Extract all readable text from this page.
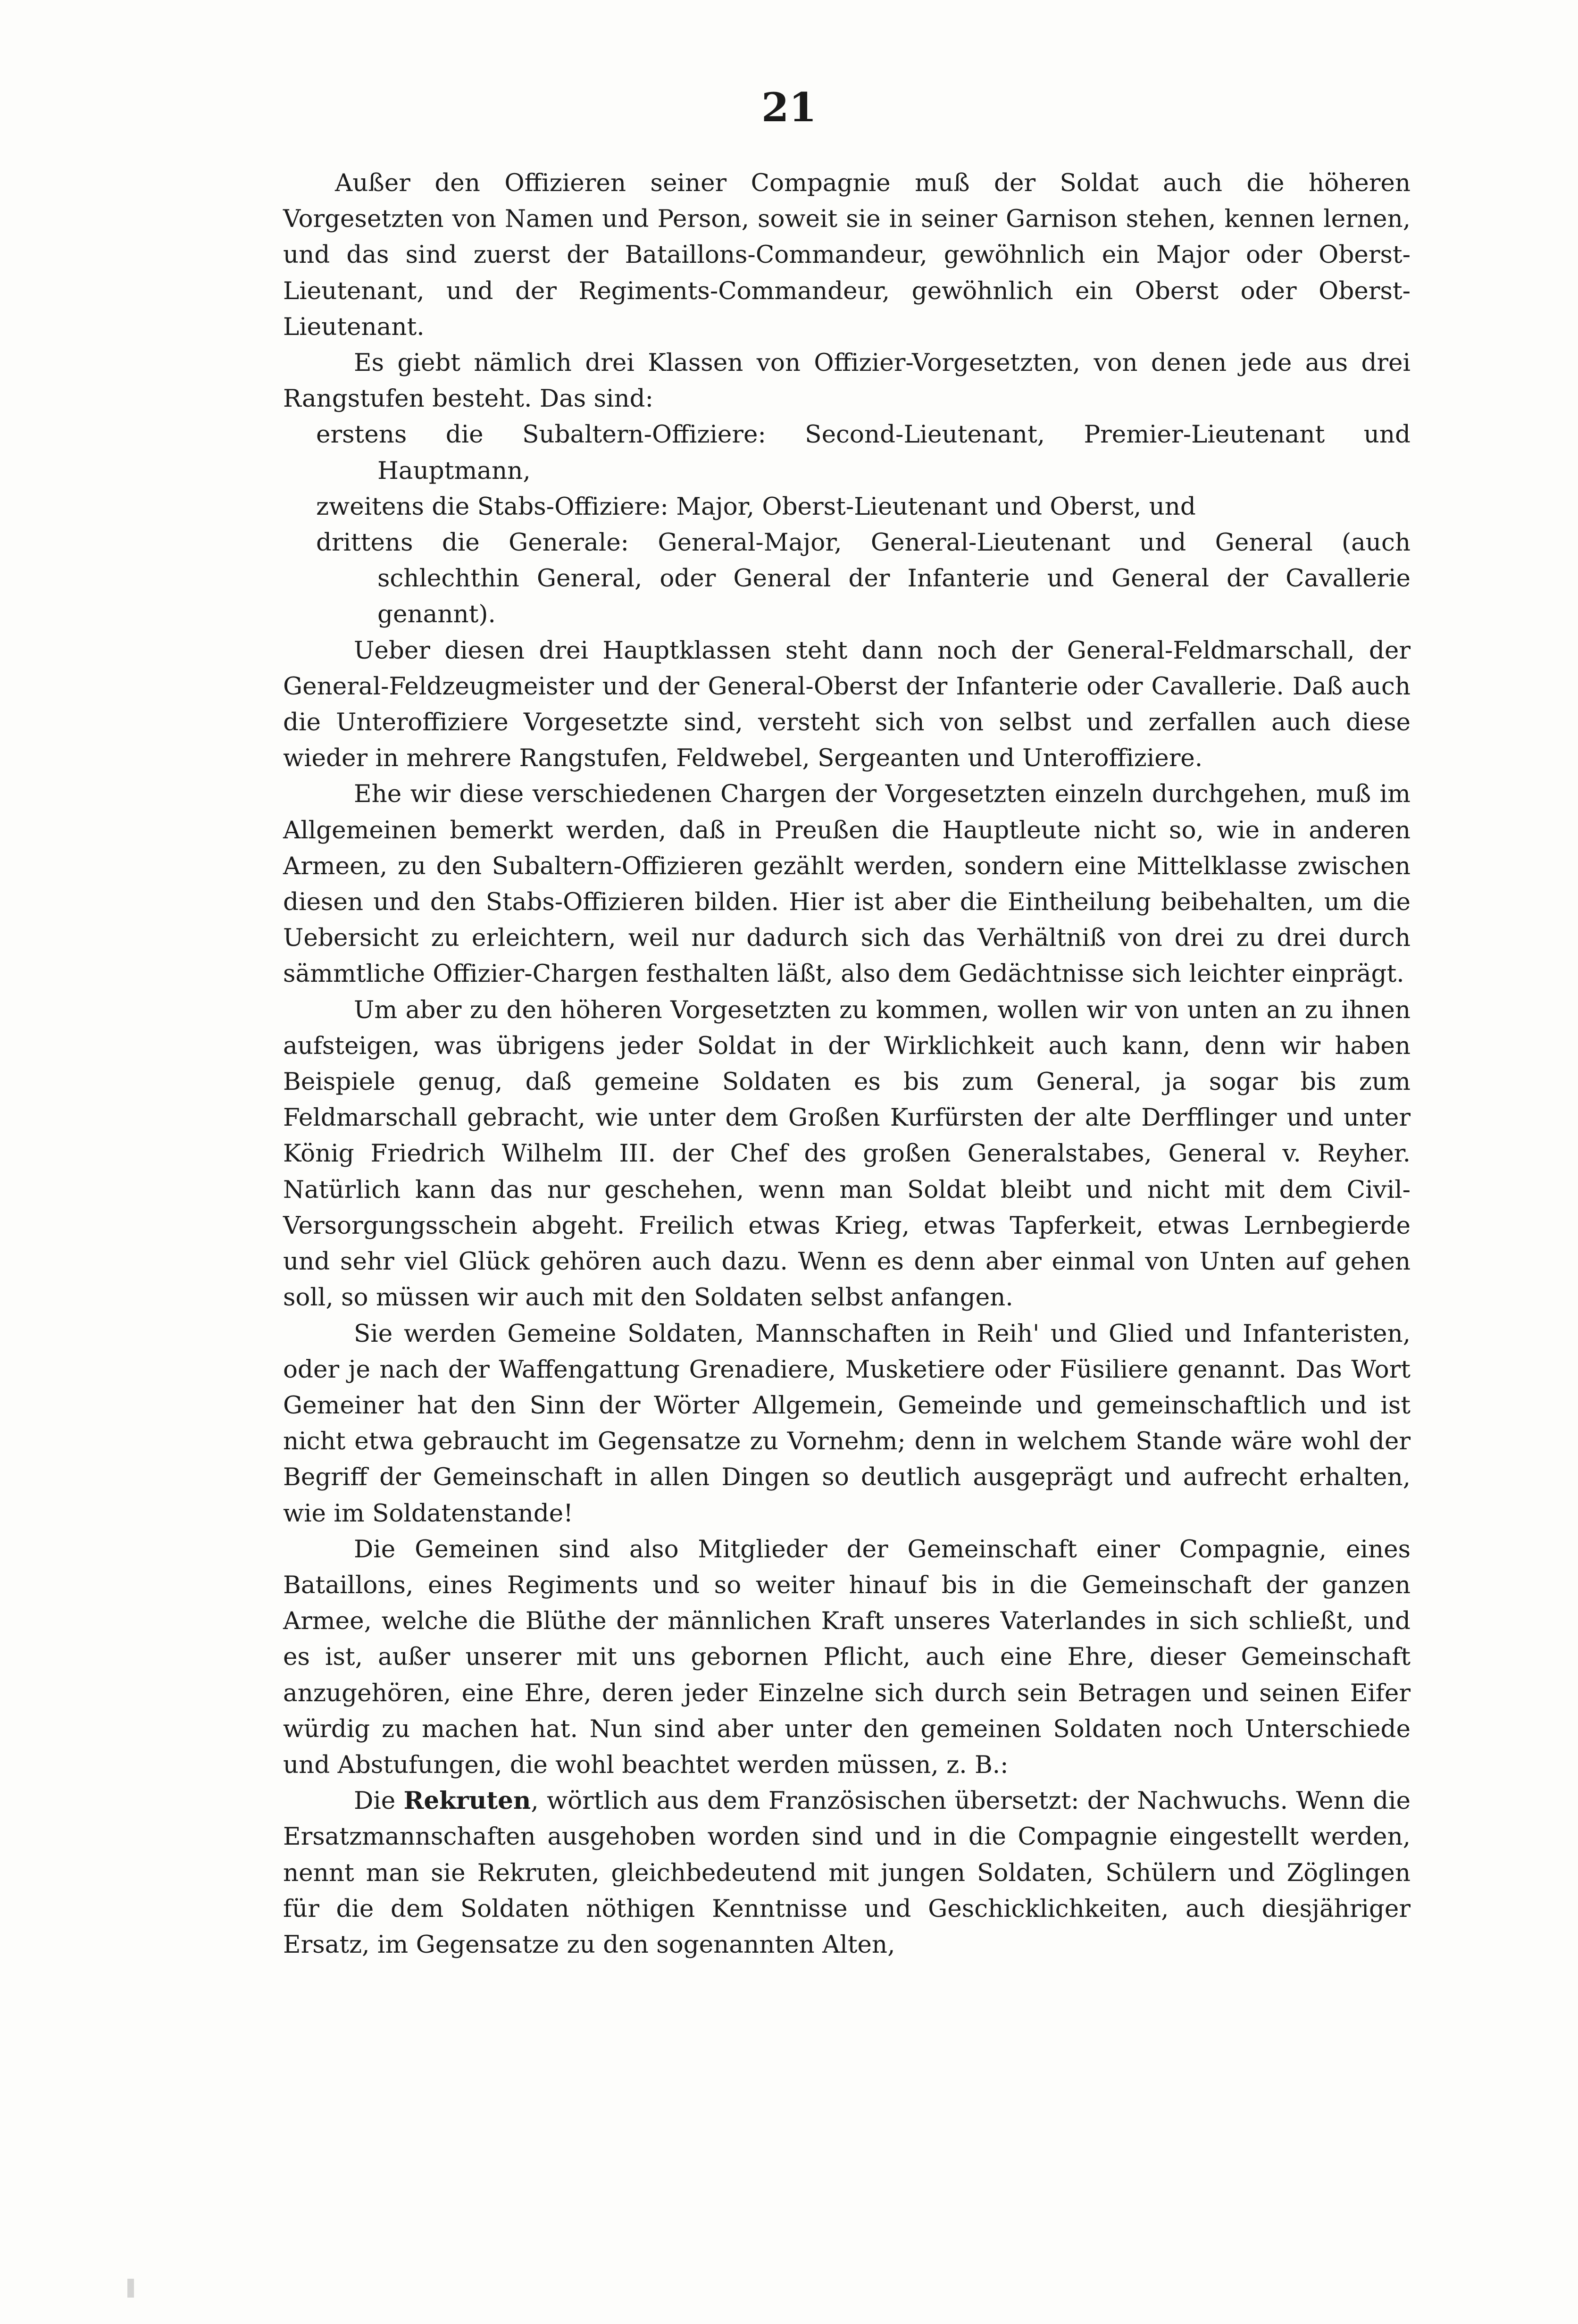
21

Außer den Offizieren seiner Compagnie muß der Soldat auch die höheren Vorgesetzten von Namen und Person, soweit sie in seiner Garnison stehen, kennen lernen, und das sind zuerst der Bataillons-Commandeur, gewöhnlich ein Major oder Oberst-Lieutenant, und der Regiments-Commandeur, gewöhnlich ein Oberst oder Oberst-Lieutenant.

Es giebt nämlich drei Klassen von Offizier-Vorgesetzten, von denen jede aus drei Rangstufen besteht. Das sind:

erstens die Subaltern-Offiziere: Second-Lieutenant, Premier-Lieutenant und Hauptmann,

zweitens die Stabs-Offiziere: Major, Oberst-Lieutenant und Oberst, und

drittens die Generale: General-Major, General-Lieutenant und General (auch schlechthin General, oder General der Infanterie und General der Cavallerie genannt).

Ueber diesen drei Hauptklassen steht dann noch der General-Feldmarschall, der General-Feldzeugmeister und der General-Oberst der Infanterie oder Cavallerie. Daß auch die Unteroffiziere Vorgesetzte sind, versteht sich von selbst und zerfallen auch diese wieder in mehrere Rangstufen, Feldwebel, Sergeanten und Unteroffiziere.

Ehe wir diese verschiedenen Chargen der Vorgesetzten einzeln durchgehen, muß im Allgemeinen bemerkt werden, daß in Preußen die Hauptleute nicht so, wie in anderen Armeen, zu den Subaltern-Offizieren gezählt werden, sondern eine Mittelklasse zwischen diesen und den Stabs-Offizieren bilden. Hier ist aber die Eintheilung beibehalten, um die Uebersicht zu erleichtern, weil nur dadurch sich das Verhältniß von drei zu drei durch sämmtliche Offizier-Chargen festhalten läßt, also dem Gedächtnisse sich leichter einprägt.

Um aber zu den höheren Vorgesetzten zu kommen, wollen wir von unten an zu ihnen aufsteigen, was übrigens jeder Soldat in der Wirklichkeit auch kann, denn wir haben Beispiele genug, daß gemeine Soldaten es bis zum General, ja sogar bis zum Feldmarschall gebracht, wie unter dem Großen Kurfürsten der alte Derfflinger und unter König Friedrich Wilhelm III. der Chef des großen Generalstabes, General v. Reyher. Natürlich kann das nur geschehen, wenn man Soldat bleibt und nicht mit dem Civil-Versorgungsschein abgeht. Freilich etwas Krieg, etwas Tapferkeit, etwas Lernbegierde und sehr viel Glück gehören auch dazu. Wenn es denn aber einmal von Unten auf gehen soll, so müssen wir auch mit den Soldaten selbst anfangen.

Sie werden Gemeine Soldaten, Mannschaften in Reih' und Glied und Infanteristen, oder je nach der Waffengattung Grenadiere, Musketiere oder Füsiliere genannt. Das Wort Gemeiner hat den Sinn der Wörter Allgemein, Gemeinde und gemeinschaftlich und ist nicht etwa gebraucht im Gegensatze zu Vornehm; denn in welchem Stande wäre wohl der Begriff der Gemeinschaft in allen Dingen so deutlich ausgeprägt und aufrecht erhalten, wie im Soldatenstande!

Die Gemeinen sind also Mitglieder der Gemeinschaft einer Compagnie, eines Bataillons, eines Regiments und so weiter hinauf bis in die Gemeinschaft der ganzen Armee, welche die Blüthe der männlichen Kraft unseres Vaterlandes in sich schließt, und es ist, außer unserer mit uns gebornen Pflicht, auch eine Ehre, dieser Gemeinschaft anzugehören, eine Ehre, deren jeder Einzelne sich durch sein Betragen und seinen Eifer würdig zu machen hat. Nun sind aber unter den gemeinen Soldaten noch Unterschiede und Abstufungen, die wohl beachtet werden müssen, z. B.:

Die Rekruten, wörtlich aus dem Französischen übersetzt: der Nachwuchs. Wenn die Ersatzmannschaften ausgehoben worden sind und in die Compagnie eingestellt werden, nennt man sie Rekruten, gleichbedeutend mit jungen Soldaten, Schülern und Zöglingen für die dem Soldaten nöthigen Kenntnisse und Geschicklichkeiten, auch diesjähriger Ersatz, im Gegensatze zu den sogenannten Alten,
